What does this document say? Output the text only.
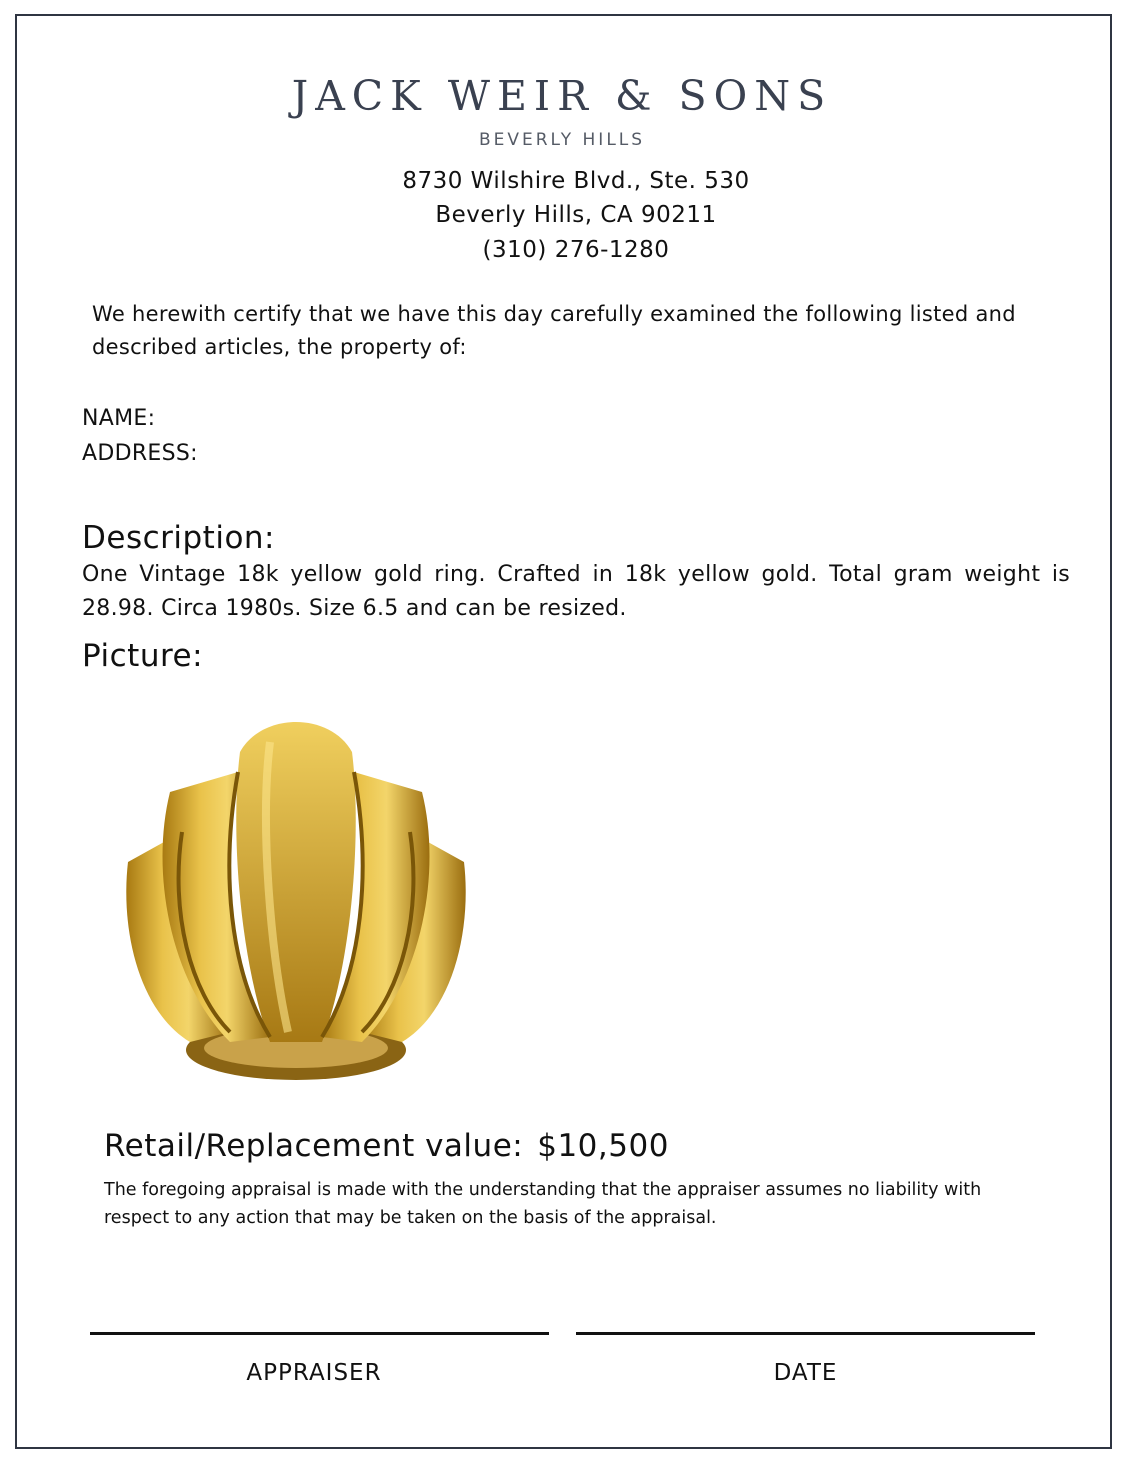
JACK WEIR & SONS
BEVERLY HILLS
8730 Wilshire Blvd., Ste. 530
Beverly Hills, CA 90211
(310) 276-1280
We herewith certify that we have this day carefully examined the following listed and described articles, the property of:
NAME:
ADDRESS:
Description:
One Vintage 18k yellow gold ring. Crafted in 18k yellow gold. Total gram weight is 28.98. Circa 1980s. Size 6.5 and can be resized.
Picture:
Retail/Replacement value: $10,500
The foregoing appraisal is made with the understanding that the appraiser assumes no liability with respect to any action that may be taken on the basis of the appraisal.
APPRAISER	DATE
